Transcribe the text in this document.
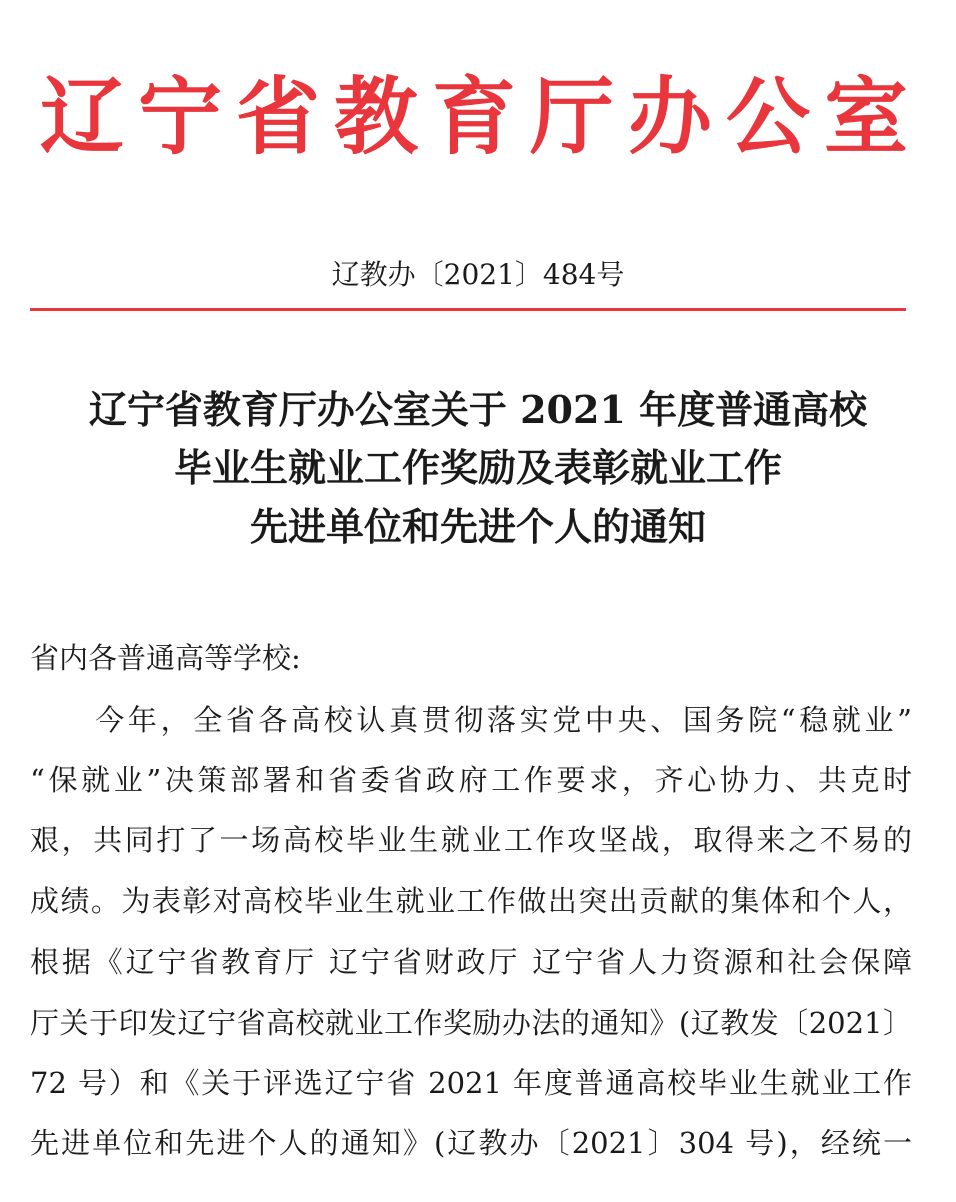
辽宁省教育厅办公室
辽教办〔2021〕484号
辽宁省教育厅办公室关于 2021 年度普通高校
毕业生就业工作奖励及表彰就业工作
先进单位和先进个人的通知
省内各普通高等学校:
　　今年，全省各高校认真贯彻落实党中央、国务院“稳就业”
“保就业”决策部署和省委省政府工作要求，齐心协力、共克时
艰，共同打了一场高校毕业生就业工作攻坚战，取得来之不易的
成绩。为表彰对高校毕业生就业工作做出突出贡献的集体和个人，
根据《辽宁省教育厅 辽宁省财政厅 辽宁省人力资源和社会保障
厅关于印发辽宁省高校就业工作奖励办法的通知》(辽教发〔2021〕
72 号）和《关于评选辽宁省 2021 年度普通高校毕业生就业工作
先进单位和先进个人的通知》(辽教办〔2021〕304 号)，经统一
